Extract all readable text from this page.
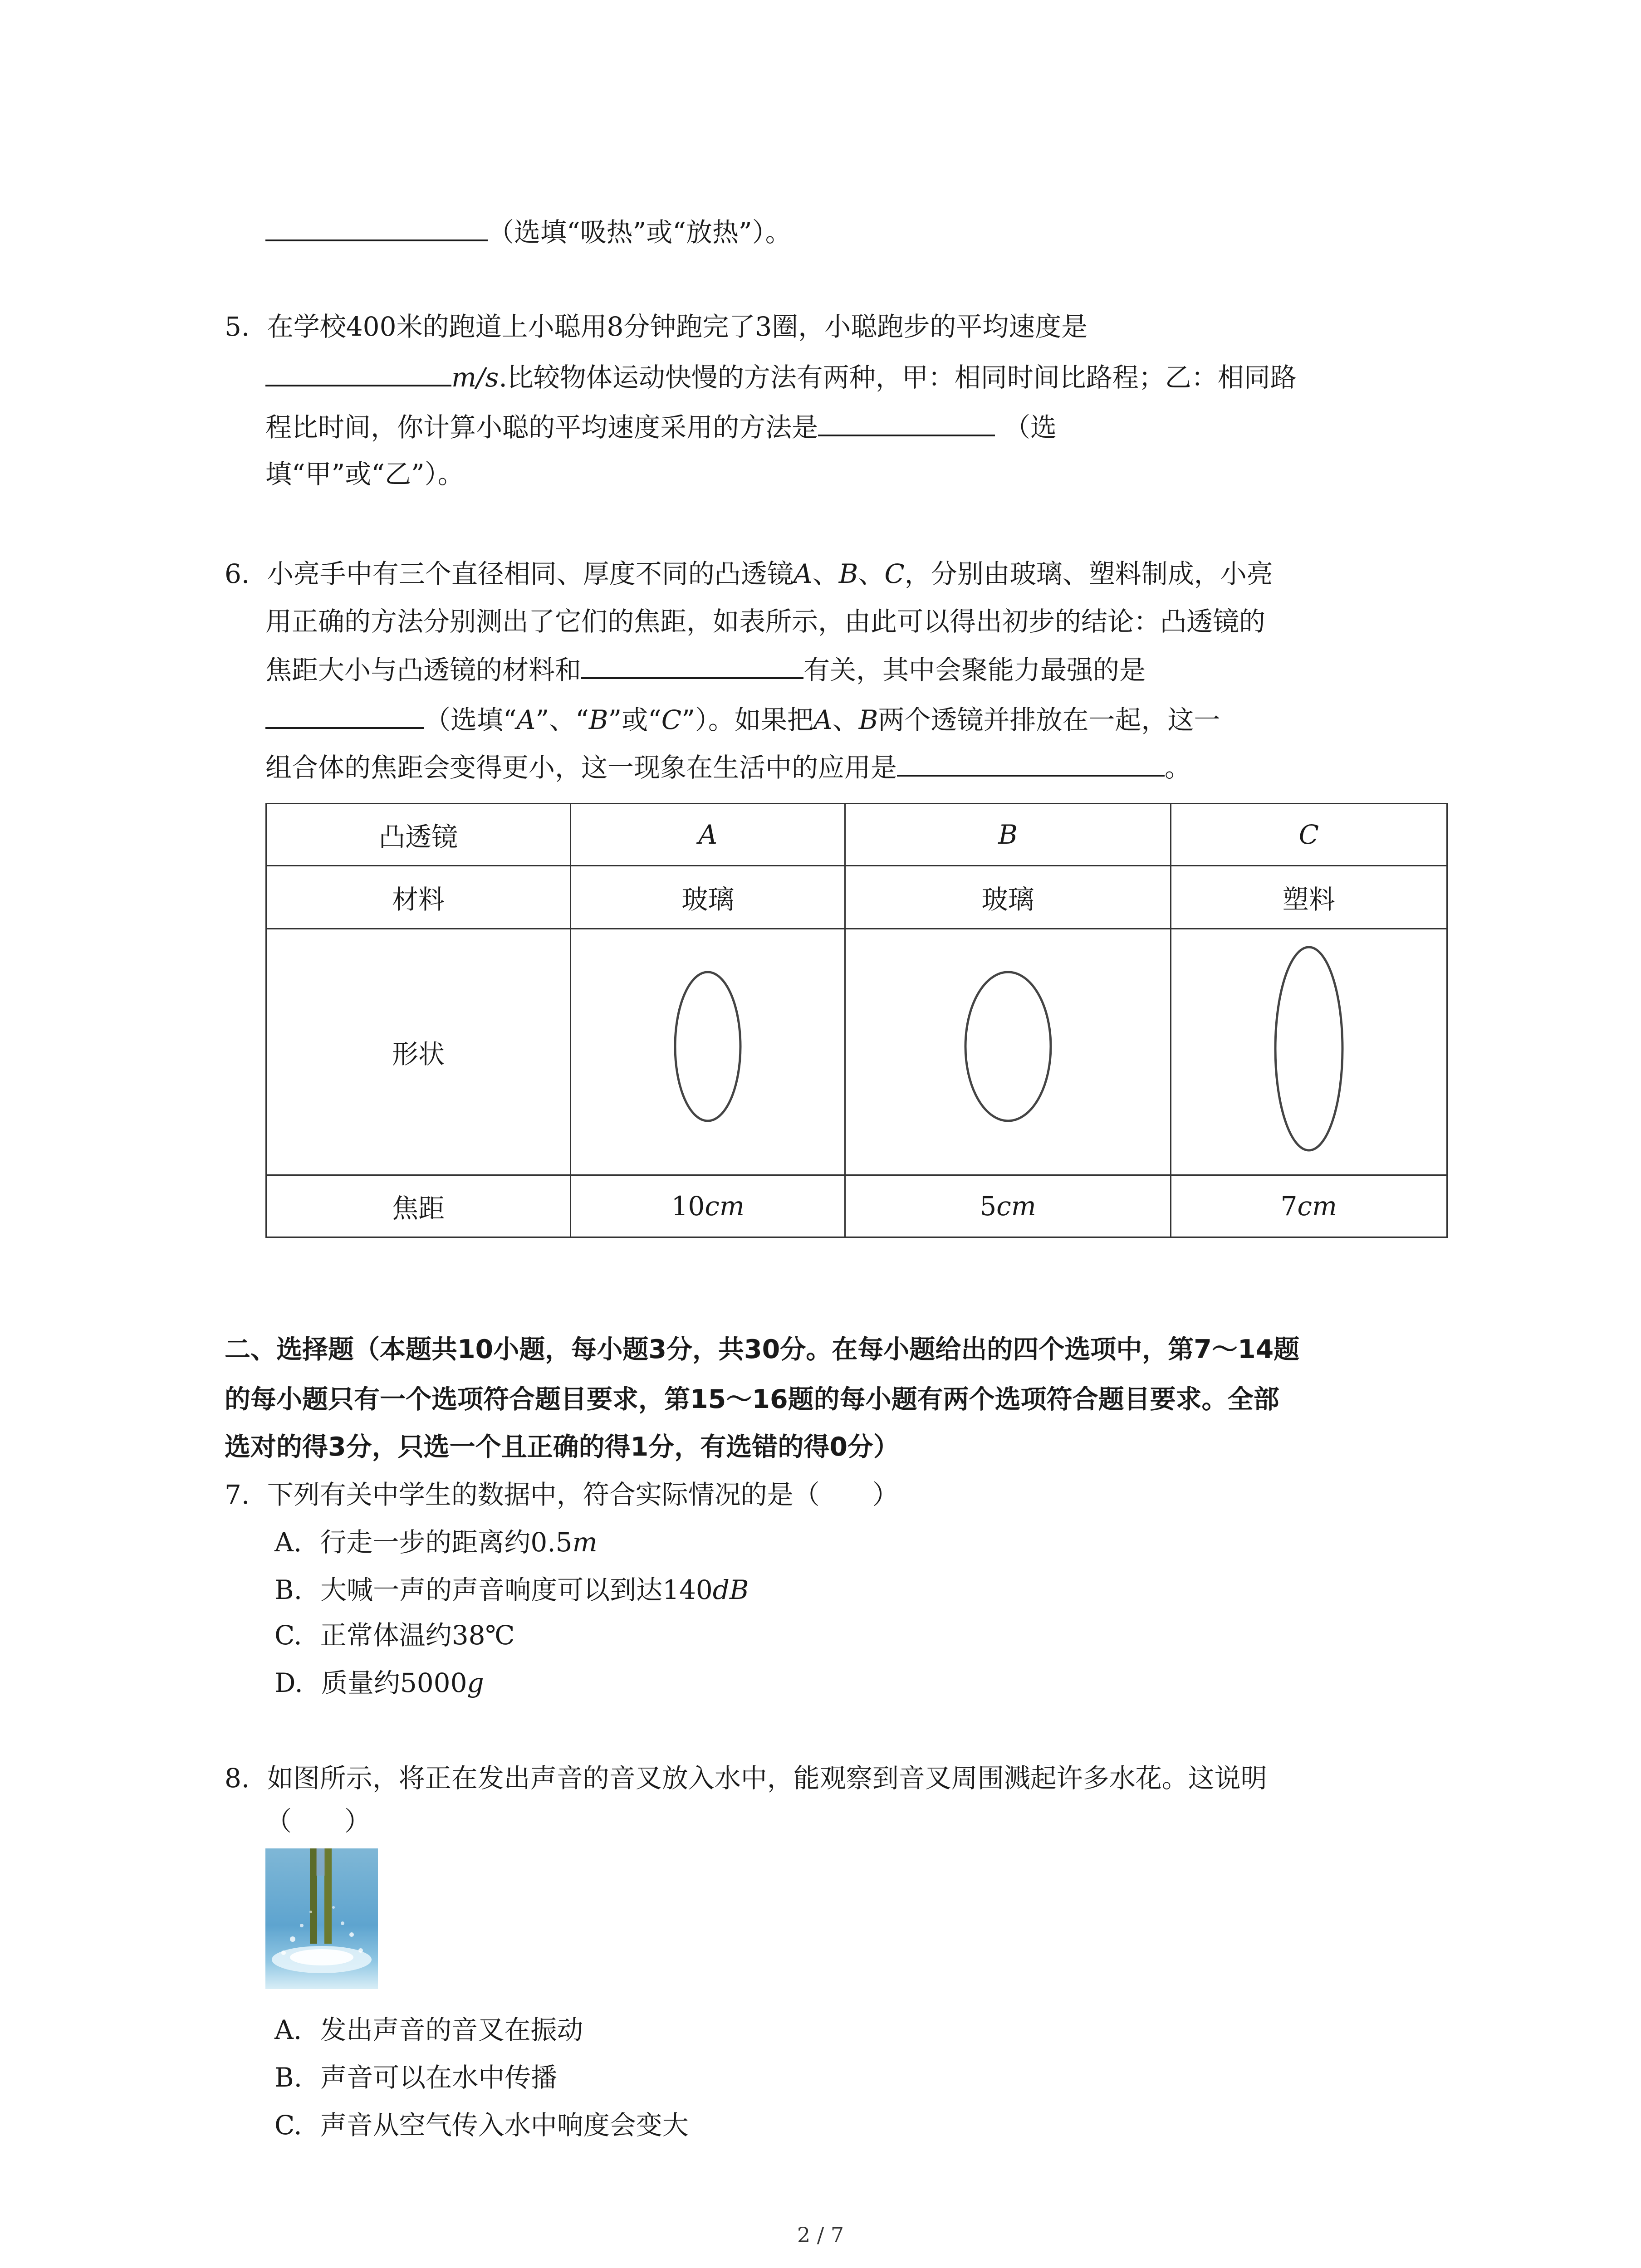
（选填“吸热”或“放热”）。
5. 在学校400米的跑道上小聪用8分钟跑完了3圈，小聪跑步的平均速度是
m/s.比较物体运动快慢的方法有两种，甲：相同时间比路程；乙：相同路
程比时间，你计算小聪的平均速度采用的方法是	（选
填“甲”或“乙”）。
6. 小亮手中有三个直径相同、厚度不同的凸透镜A、B、C，分别由玻璃、塑料制成，小亮
用正确的方法分别测出了它们的焦距，如表所示，由此可以得出初步的结论：凸透镜的
焦距大小与凸透镜的材料和	有关，其中会聚能力最强的是
（选填“A”、“B”或“C”）。如果把A、B两个透镜并排放在一起，这一
组合体的焦距会变得更小，这一现象在生活中的应用是	。
凸透镜	A	B	C
材料	玻璃	玻璃	塑料
形状			
焦距	10cm	5cm	7cm
二、选择题（本题共10小题，每小题3分，共30分。在每小题给出的四个选项中，第7～14题
的每小题只有一个选项符合题目要求，第15～16题的每小题有两个选项符合题目要求。全部
选对的得3分，只选一个且正确的得1分，有选错的得0分）
7. 下列有关中学生的数据中，符合实际情况的是（　　）
A. 行走一步的距离约0.5m
B. 大喊一声的声音响度可以到达140dB
C. 正常体温约38℃
D. 质量约5000g
8. 如图所示，将正在发出声音的音叉放入水中，能观察到音叉周围溅起许多水花。这说明
（　　）
A. 发出声音的音叉在振动
B. 声音可以在水中传播
C. 声音从空气传入水中响度会变大
2 / 7
